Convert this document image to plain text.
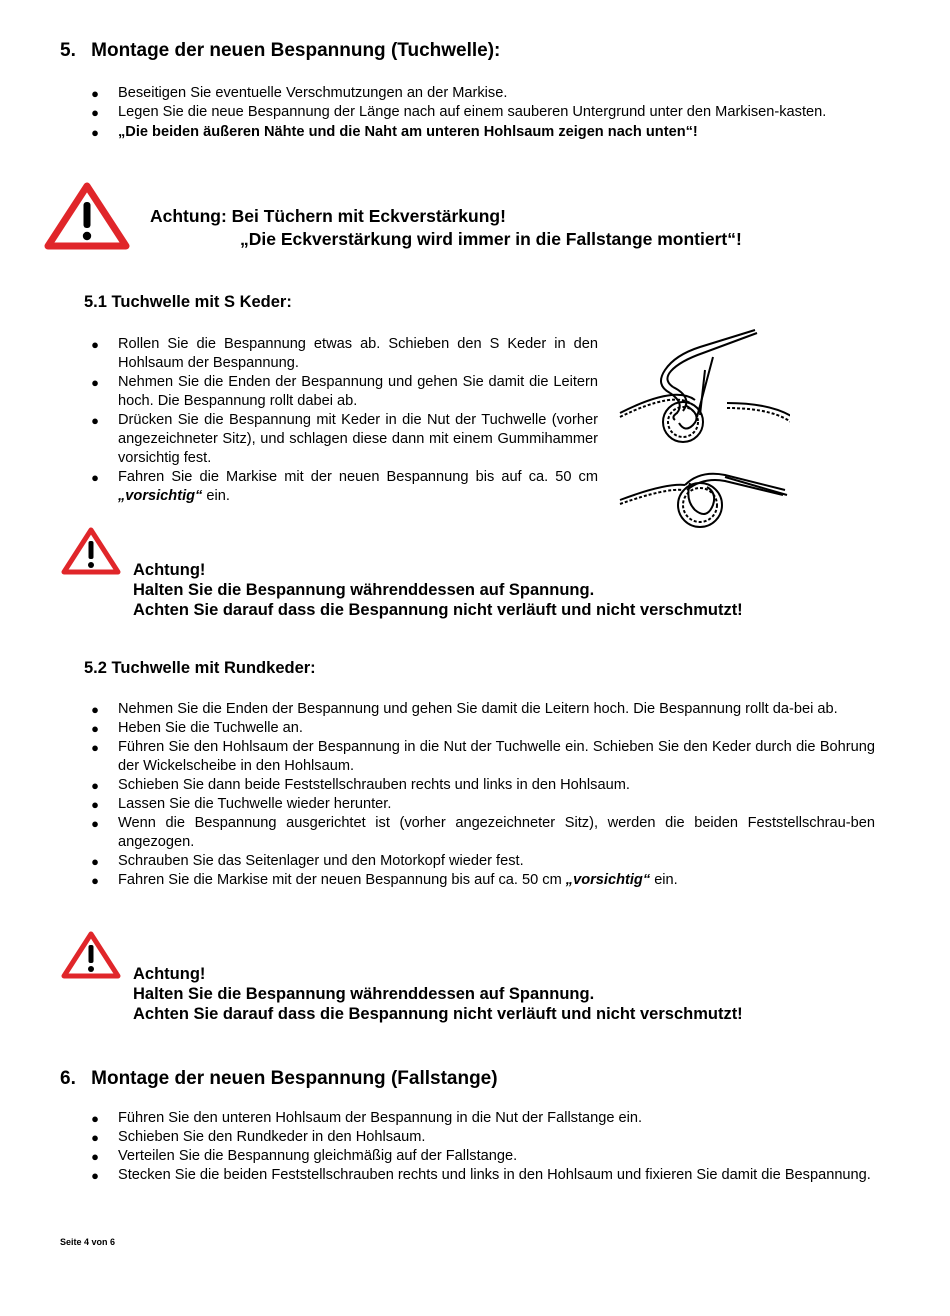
5. Montage der neuen Bespannung (Tuchwelle):
● Beseitigen Sie eventuelle Verschmutzungen an der Markise.
● Legen Sie die neue Bespannung der Länge nach auf einem sauberen Untergrund unter den Markisen-kasten.
● „Die beiden äußeren Nähte und die Naht am unteren Hohlsaum zeigen nach unten“!
Achtung: Bei Tüchern mit Eckverstärkung!
„Die Eckverstärkung wird immer in die Fallstange montiert“!
5.1 Tuchwelle mit S Keder:
● Rollen Sie die Bespannung etwas ab. Schieben den S Keder in den Hohlsaum der Bespannung.
● Nehmen Sie die Enden der Bespannung und gehen Sie damit die Leitern hoch. Die Bespannung rollt dabei ab.
● Drücken Sie die Bespannung mit Keder in die Nut der Tuchwelle (vorher angezeichneter Sitz), und schlagen diese dann mit einem Gummihammer vorsichtig fest.
● Fahren Sie die Markise mit der neuen Bespannung bis auf ca. 50 cm „vorsichtig“ ein.
Achtung!
Halten Sie die Bespannung währenddessen auf Spannung.
Achten Sie darauf dass die Bespannung nicht verläuft und nicht verschmutzt!
5.2 Tuchwelle mit Rundkeder:
● Nehmen Sie die Enden der Bespannung und gehen Sie damit die Leitern hoch. Die Bespannung rollt da-bei ab.
● Heben Sie die Tuchwelle an.
● Führen Sie den Hohlsaum der Bespannung in die Nut der Tuchwelle ein. Schieben Sie den Keder durch die Bohrung der Wickelscheibe in den Hohlsaum.
● Schieben Sie dann beide Feststellschrauben rechts und links in den Hohlsaum.
● Lassen Sie die Tuchwelle wieder herunter.
● Wenn die Bespannung ausgerichtet ist (vorher angezeichneter Sitz), werden die beiden Feststellschrau-ben angezogen.
● Schrauben Sie das Seitenlager und den Motorkopf wieder fest.
● Fahren Sie die Markise mit der neuen Bespannung bis auf ca. 50 cm „vorsichtig“ ein.
Achtung!
Halten Sie die Bespannung währenddessen auf Spannung.
Achten Sie darauf dass die Bespannung nicht verläuft und nicht verschmutzt!
6. Montage der neuen Bespannung (Fallstange)
● Führen Sie den unteren Hohlsaum der Bespannung in die Nut der Fallstange ein.
● Schieben Sie den Rundkeder in den Hohlsaum.
● Verteilen Sie die Bespannung gleichmäßig auf der Fallstange.
● Stecken Sie die beiden Feststellschrauben rechts und links in den Hohlsaum und fixieren Sie damit die Bespannung.
Seite 4 von 6
